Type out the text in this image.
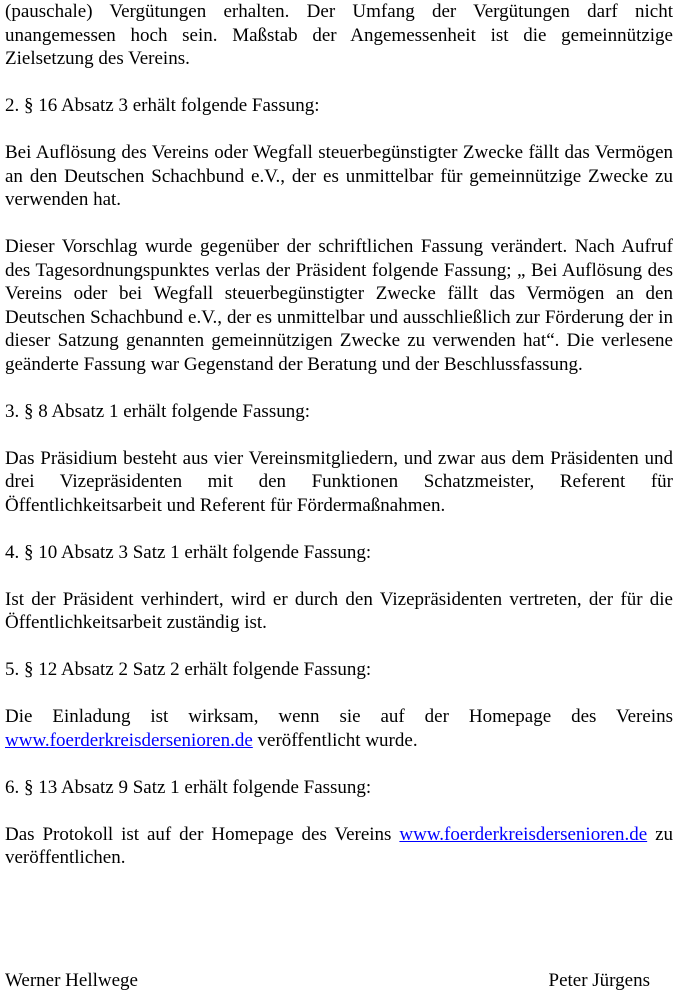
(pauschale) Vergütungen erhalten. Der Umfang der Vergütungen darf nicht unangemessen hoch sein. Maßstab der Angemessenheit ist die gemeinnützige Zielsetzung des Vereins.

2. § 16 Absatz 3 erhält folgende Fassung:

Bei Auflösung des Vereins oder Wegfall steuerbegünstigter Zwecke fällt das Vermögen an den Deutschen Schachbund e.V., der es unmittelbar für gemeinnützige Zwecke zu verwenden hat.

Dieser Vorschlag wurde gegenüber der schriftlichen Fassung verändert. Nach Aufruf des Tagesordnungspunktes verlas der Präsident folgende Fassung; „ Bei Auflösung des Vereins oder bei Wegfall steuerbegünstigter Zwecke fällt das Vermögen an den Deutschen Schachbund e.V., der es unmittelbar und ausschließlich zur Förderung der in dieser Satzung genannten gemeinnützigen Zwecke zu verwenden hat“. Die verlesene geänderte Fassung war Gegenstand der Beratung und der Beschlussfassung.

3. § 8 Absatz 1 erhält folgende Fassung:

Das Präsidium besteht aus vier Vereinsmitgliedern, und zwar aus dem Präsidenten und drei Vizepräsidenten mit den Funktionen Schatzmeister, Referent für Öffentlichkeitsarbeit und Referent für Fördermaßnahmen.

4. § 10 Absatz 3 Satz 1 erhält folgende Fassung:

Ist der Präsident verhindert, wird er durch den Vizepräsidenten vertreten, der für die Öffentlichkeitsarbeit zuständig ist.

5. § 12 Absatz 2 Satz 2 erhält folgende Fassung:

Die Einladung ist wirksam, wenn sie auf der Homepage des Vereins www.foerderkreisdersenioren.de veröffentlicht wurde.

6. § 13 Absatz 9 Satz 1 erhält folgende Fassung:

Das Protokoll ist auf der Homepage des Vereins www.foerderkreisdersenioren.de zu veröffentlichen.

Werner Hellwege	Peter Jürgens
